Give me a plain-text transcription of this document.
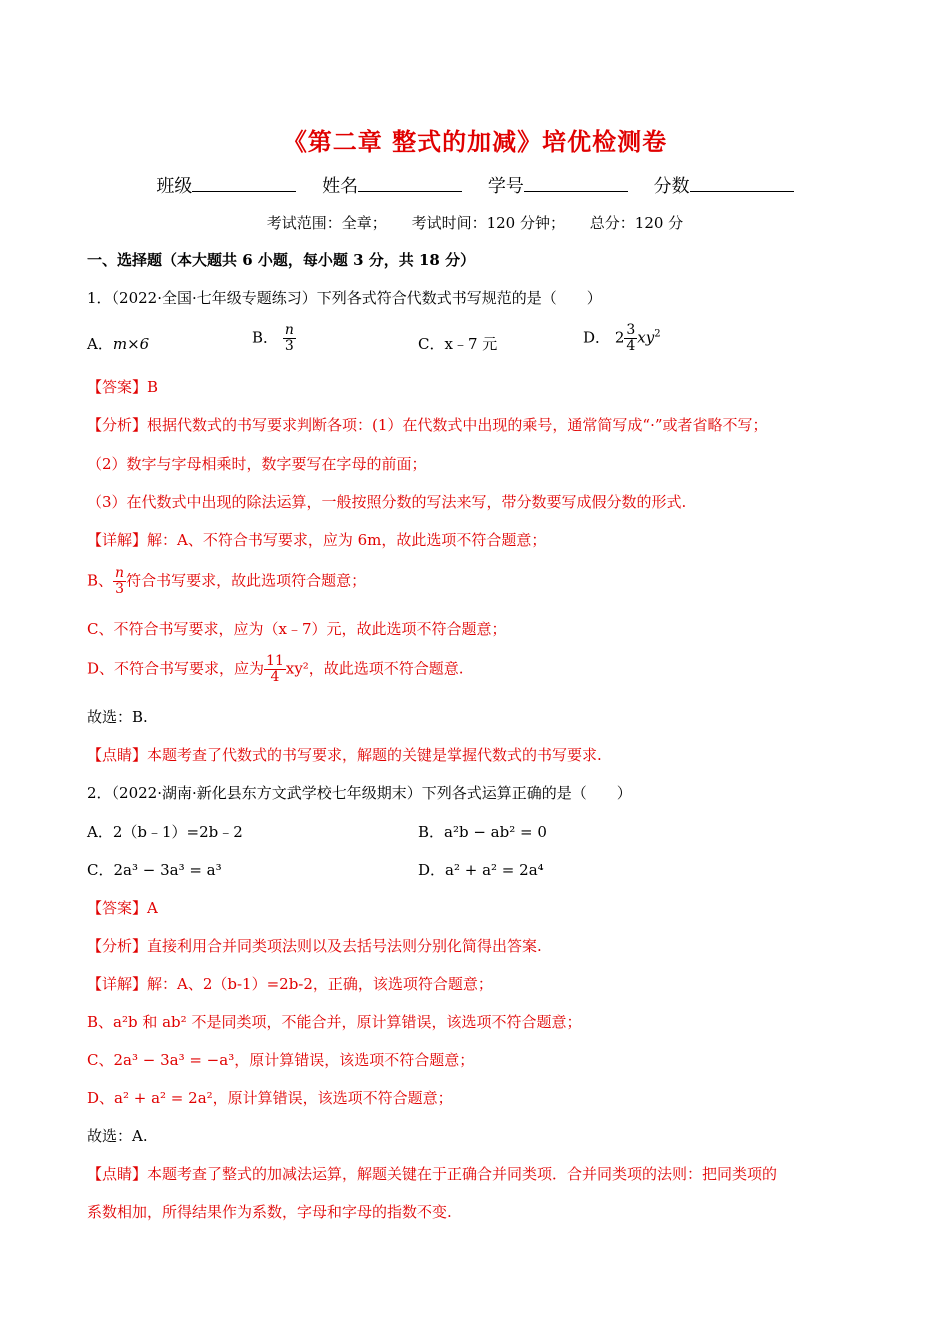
《第二章 整式的加减》培优检测卷
班级	姓名	学号	分数
考试范围：全章； 考试时间：120 分钟； 总分：120 分
一、选择题（本大题共 6 小题，每小题 3 分，共 18 分）
1．（2022·全国·七年级专题练习）下列各式符合代数式书写规范的是（　　）
A．m×6	B． $\frac{n}{3}$	C．x﹣7 元	D． $2 \frac{3}{4} xy^2$
【答案】B
【分析】根据代数式的书写要求判断各项：(1）在代数式中出现的乘号，通常简写成“·”或者省略不写；
（2）数字与字母相乘时，数字要写在字母的前面；
（3）在代数式中出现的除法运算，一般按照分数的写法来写，带分数要写成假分数的形式.
【详解】解：A、不符合书写要求，应为 6m，故此选项不符合题意；
B、 $\frac{n}{3}$ 符合书写要求，故此选项符合题意；
C、不符合书写要求，应为（x﹣7）元，故此选项不符合题意；
D、不符合书写要求，应为 $\frac{11}{4} xy^2$，故此选项不符合题意.
故选：B.
【点睛】本题考查了代数式的书写要求，解题的关键是掌握代数式的书写要求.
2．（2022·湖南·新化县东方文武学校七年级期末）下列各式运算正确的是（　　）
A．2（b﹣1）=2b﹣2	B．a²b − ab² = 0
C．2a³ − 3a³ = a³	D．a² + a² = 2a⁴
【答案】A
【分析】直接利用合并同类项法则以及去括号法则分别化简得出答案.
【详解】解：A、2（b-1）=2b-2，正确，该选项符合题意；
B、a²b 和 ab² 不是同类项，不能合并，原计算错误，该选项不符合题意；
C、2a³ − 3a³ = −a³，原计算错误，该选项不符合题意；
D、a² + a² = 2a²，原计算错误，该选项不符合题意；
故选：A.
【点睛】本题考查了整式的加减法运算，解题关键在于正确合并同类项．合并同类项的法则：把同类项的
系数相加，所得结果作为系数，字母和字母的指数不变.
